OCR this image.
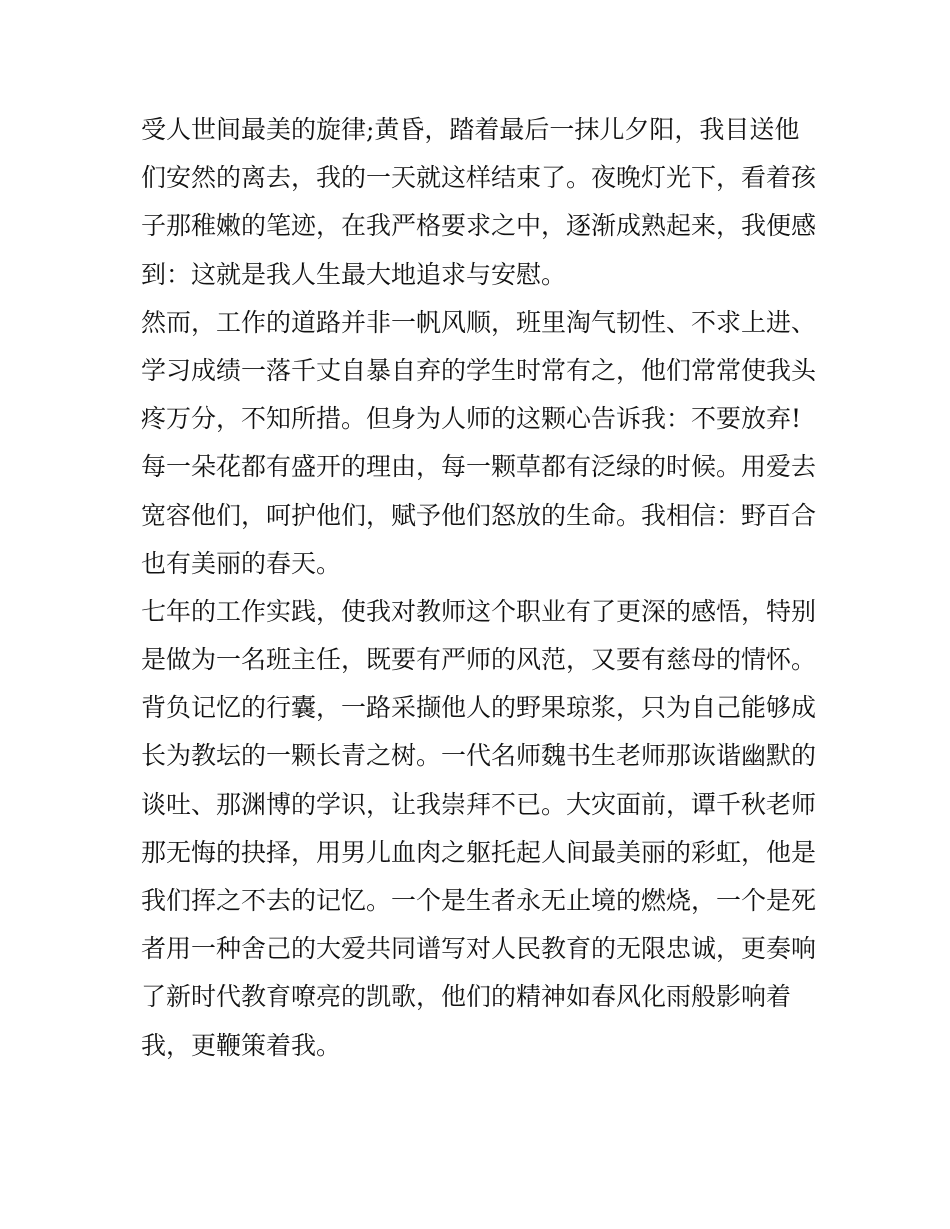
受人世间最美的旋律;黄昏，踏着最后一抹儿夕阳，我目送他
们安然的离去，我的一天就这样结束了。夜晚灯光下，看着孩
子那稚嫩的笔迹，在我严格要求之中，逐渐成熟起来，我便感
到：这就是我人生最大地追求与安慰。
然而，工作的道路并非一帆风顺，班里淘气韧性、不求上进、
学习成绩一落千丈自暴自弃的学生时常有之，他们常常使我头
疼万分，不知所措。但身为人师的这颗心告诉我：不要放弃!
每一朵花都有盛开的理由，每一颗草都有泛绿的时候。用爱去
宽容他们，呵护他们，赋予他们怒放的生命。我相信：野百合
也有美丽的春天。
七年的工作实践，使我对教师这个职业有了更深的感悟，特别
是做为一名班主任，既要有严师的风范，又要有慈母的情怀。
背负记忆的行囊，一路采撷他人的野果琼浆，只为自己能够成
长为教坛的一颗长青之树。一代名师魏书生老师那诙谐幽默的
谈吐、那渊博的学识，让我崇拜不已。大灾面前，谭千秋老师
那无悔的抉择，用男儿血肉之躯托起人间最美丽的彩虹，他是
我们挥之不去的记忆。一个是生者永无止境的燃烧，一个是死
者用一种舍己的大爱共同谱写对人民教育的无限忠诚，更奏响
了新时代教育嘹亮的凯歌，他们的精神如春风化雨般影响着
我，更鞭策着我。
